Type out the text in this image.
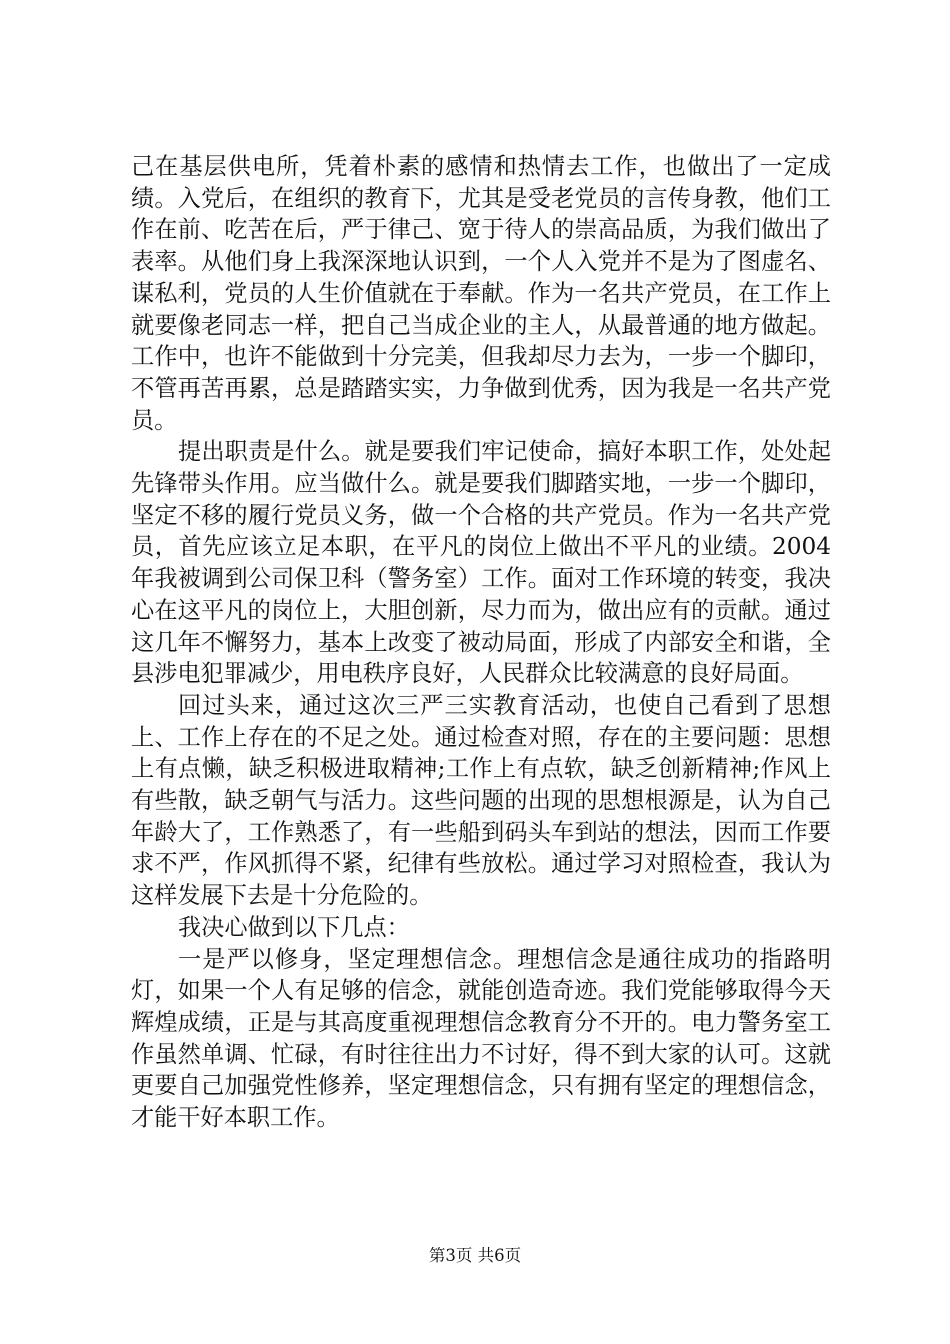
己在基层供电所，凭着朴素的感情和热情去工作，也做出了一定成绩。入党后，在组织的教育下，尤其是受老党员的言传身教，他们工作在前、吃苦在后，严于律己、宽于待人的崇高品质，为我们做出了表率。从他们身上我深深地认识到，一个人入党并不是为了图虚名、谋私利，党员的人生价值就在于奉献。作为一名共产党员，在工作上就要像老同志一样，把自己当成企业的主人，从最普通的地方做起。工作中，也许不能做到十分完美，但我却尽力去为，一步一个脚印，不管再苦再累，总是踏踏实实，力争做到优秀，因为我是一名共产党员。

提出职责是什么。就是要我们牢记使命，搞好本职工作，处处起先锋带头作用。应当做什么。就是要我们脚踏实地，一步一个脚印，坚定不移的履行党员义务，做一个合格的共产党员。作为一名共产党员，首先应该立足本职，在平凡的岗位上做出不平凡的业绩。2004年我被调到公司保卫科（警务室）工作。面对工作环境的转变，我决心在这平凡的岗位上，大胆创新，尽力而为，做出应有的贡献。通过这几年不懈努力，基本上改变了被动局面，形成了内部安全和谐，全县涉电犯罪减少，用电秩序良好，人民群众比较满意的良好局面。

回过头来，通过这次三严三实教育活动，也使自己看到了思想上、工作上存在的不足之处。通过检查对照，存在的主要问题：思想上有点懒，缺乏积极进取精神;工作上有点软，缺乏创新精神;作风上有些散，缺乏朝气与活力。这些问题的出现的思想根源是，认为自己年龄大了，工作熟悉了，有一些船到码头车到站的想法，因而工作要求不严，作风抓得不紧，纪律有些放松。通过学习对照检查，我认为这样发展下去是十分危险的。

我决心做到以下几点：

一是严以修身，坚定理想信念。理想信念是通往成功的指路明灯，如果一个人有足够的信念，就能创造奇迹。我们党能够取得今天辉煌成绩，正是与其高度重视理想信念教育分不开的。电力警务室工作虽然单调、忙碌，有时往往出力不讨好，得不到大家的认可。这就更要自己加强党性修养，坚定理想信念，只有拥有坚定的理想信念，才能干好本职工作。

第3页 共6页
